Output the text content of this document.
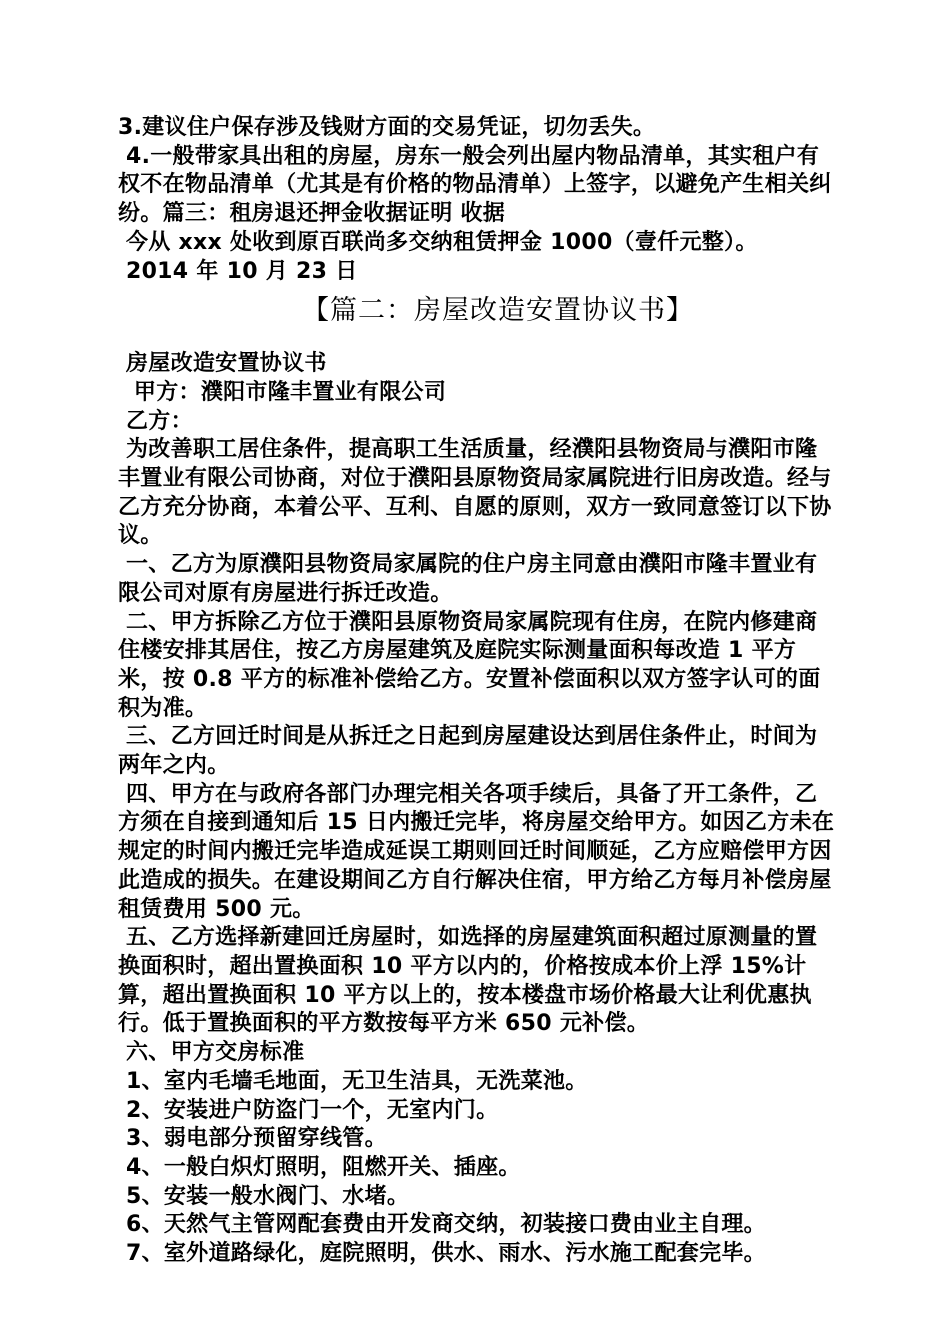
3.建议住户保存涉及钱财方面的交易凭证，切勿丢失。

4.一般带家具出租的房屋，房东一般会列出屋内物品清单，其实租户有权不在物品清单（尤其是有价格的物品清单）上签字，以避免产生相关纠纷。篇三：租房退还押金收据证明 收据

今从 xxx 处收到原百联尚多交纳租赁押金 1000（壹仟元整）。

2014 年 10 月 23 日

【篇二：房屋改造安置协议书】

房屋改造安置协议书

甲方：濮阳市隆丰置业有限公司

乙方：

为改善职工居住条件，提高职工生活质量，经濮阳县物资局与濮阳市隆丰置业有限公司协商，对位于濮阳县原物资局家属院进行旧房改造。经与乙方充分协商，本着公平、互利、自愿的原则，双方一致同意签订以下协议。

一、乙方为原濮阳县物资局家属院的住户房主同意由濮阳市隆丰置业有限公司对原有房屋进行拆迁改造。

二、甲方拆除乙方位于濮阳县原物资局家属院现有住房，在院内修建商住楼安排其居住，按乙方房屋建筑及庭院实际测量面积每改造 1 平方米，按 0.8 平方的标准补偿给乙方。安置补偿面积以双方签字认可的面积为准。

三、乙方回迁时间是从拆迁之日起到房屋建设达到居住条件止，时间为两年之内。

四、甲方在与政府各部门办理完相关各项手续后，具备了开工条件，乙方须在自接到通知后 15 日内搬迁完毕，将房屋交给甲方。如因乙方未在规定的时间内搬迁完毕造成延误工期则回迁时间顺延，乙方应赔偿甲方因此造成的损失。在建设期间乙方自行解决住宿，甲方给乙方每月补偿房屋租赁费用 500 元。

五、乙方选择新建回迁房屋时，如选择的房屋建筑面积超过原测量的置换面积时，超出置换面积 10 平方以内的，价格按成本价上浮 15%计算，超出置换面积 10 平方以上的，按本楼盘市场价格最大让利优惠执行。低于置换面积的平方数按每平方米 650 元补偿。

六、甲方交房标准

1、室内毛墙毛地面，无卫生洁具，无洗菜池。

2、安装进户防盗门一个，无室内门。

3、弱电部分预留穿线管。

4、一般白炽灯照明，阻燃开关、插座。

5、安装一般水阀门、水堵。

6、天然气主管网配套费由开发商交纳，初装接口费由业主自理。

7、室外道路绿化，庭院照明，供水、雨水、污水施工配套完毕。
